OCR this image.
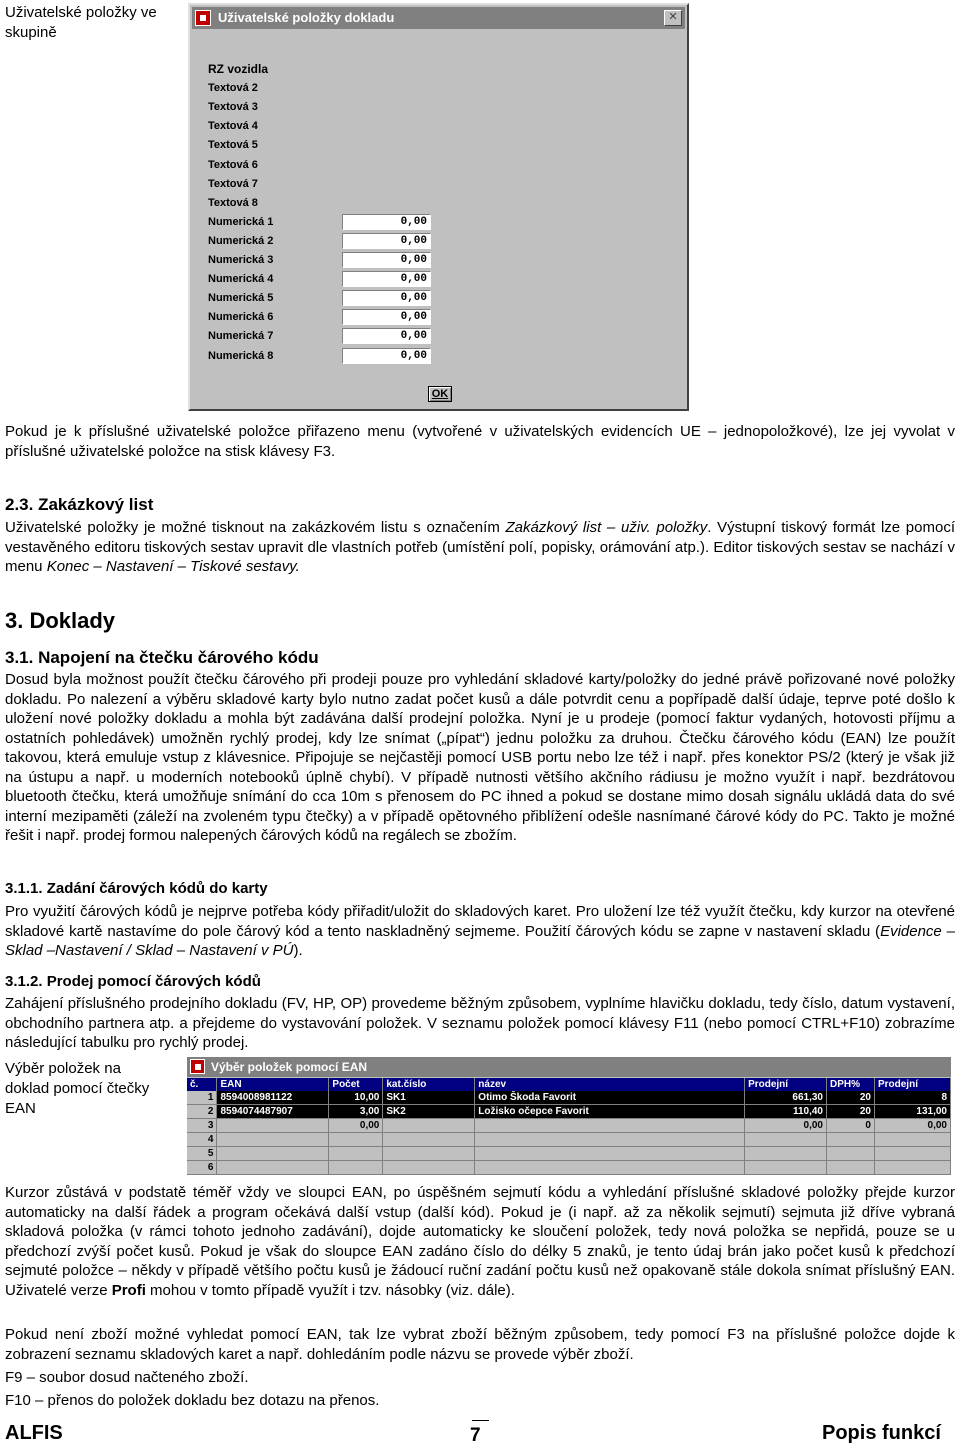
Uživatelské položky ve skupině
Uživatelské položky dokladu	✕
RZ vozidla
Textová 2
Textová 3
Textová 4
Textová 5
Textová 6
Textová 7
Textová 8
Numerická 1	0,00
Numerická 2	0,00
Numerická 3	0,00
Numerická 4	0,00
Numerická 5	0,00
Numerická 6	0,00
Numerická 7	0,00
Numerická 8	0,00
OK
Pokud je k příslušné uživatelské položce přiřazeno menu (vytvořené v uživatelských evidencích UE – jednopoložkové), lze jej vyvolat v příslušné uživatelské položce na stisk klávesy F3.
2.3. Zakázkový list
Uživatelské položky je možné tisknout na zakázkovém listu s označením Zakázkový list – uživ. položky. Výstupní tiskový formát lze pomocí vestavěného editoru tiskových sestav upravit dle vlastních potřeb (umístění polí, popisky, orámování atp.). Editor tiskových sestav se nachází v menu Konec – Nastavení – Tiskové sestavy.
3. Doklady
3.1. Napojení na čtečku čárového kódu
Dosud byla možnost použít čtečku čárového při prodeji pouze pro vyhledání skladové karty/položky do jedné právě pořizované nové položky dokladu. Po nalezení a výběru skladové karty bylo nutno zadat počet kusů a dále potvrdit cenu a popřípadě další údaje, teprve poté došlo k uložení nové položky dokladu a mohla být zadávána další prodejní položka. Nyní je u prodeje (pomocí faktur vydaných, hotovosti příjmu a ostatních pohledávek) umožněn rychlý prodej, kdy lze snímat („pípat“) jednu položku za druhou. Čtečku čárového kódu (EAN) lze použít takovou, která emuluje vstup z klávesnice. Připojuje se nejčastěji pomocí USB portu nebo lze též i např. přes konektor PS/2 (který je však již na ústupu a např. u moderních notebooků úplně chybí). V případě nutnosti většího akčního rádiusu je možno využít i např. bezdrátovou bluetooth čtečku, která umožňuje snímání do cca 10m s přenosem do PC ihned a pokud se dostane mimo dosah signálu ukládá data do své interní mezipaměti (záleží na zvoleném typu čtečky) a v případě opětovného přiblížení odešle nasnímané čárové kódy do PC. Takto je možné řešit i např. prodej formou nalepených čárových kódů na regálech se zbožím.
3.1.1. Zadání čárových kódů do karty
Pro využití čárových kódů je nejprve potřeba kódy přiřadit/uložit do skladových karet. Pro uložení lze též využít čtečku, kdy kurzor na otevřené skladové kartě nastavíme do pole čárový kód a tento naskladněný sejmeme. Použití čárových kódu se zapne v nastavení skladu (Evidence – Sklad –Nastavení / Sklad – Nastavení v PÚ).
3.1.2. Prodej pomocí čárových kódů
Zahájení příslušného prodejního dokladu (FV, HP, OP) provedeme běžným způsobem, vyplníme hlavičku dokladu, tedy číslo, datum vystavení, obchodního partnera atp. a přejdeme do vystavování položek. V seznamu položek pomocí klávesy F11 (nebo pomocí CTRL+F10) zobrazíme následující tabulku pro rychlý prodej.
Výběr položek na doklad pomocí čtečky EAN
Výběr položek pomocí EAN
č.	EAN	Počet	kat.číslo	název	Prodejní	DPH%	Prodejní
1	8594008981122	10,00	SK1	Otimo Škoda Favorit	661,30	20	8
2	8594074487907	3,00	SK2	Ložisko očepce Favorit	110,40	20	131,00
3		0,00			0,00	0	0,00
4							
5							
6							
Kurzor zůstává v podstatě téměř vždy ve sloupci EAN, po úspěšném sejmutí kódu a vyhledání příslušné skladové položky přejde kurzor automaticky na další řádek a program očekává další vstup (další kód). Pokud je (i např. až za několik sejmutí) sejmuta již dříve vybraná skladová položka (v rámci tohoto jednoho zadávání), dojde automaticky ke sloučení položek, tedy nová položka se nepřidá, pouze se u předchozí zvýší počet kusů. Pokud je však do sloupce EAN zadáno číslo do délky 5 znaků, je tento údaj brán jako počet kusů k předchozí sejmuté položce – někdy v případě většího počtu kusů je žádoucí ruční zadání počtu kusů než opakovaně stále dokola snímat příslušný EAN. Uživatelé verze Profi mohou v tomto případě využít i tzv. násobky (viz. dále).
Pokud není zboží možné vyhledat pomocí EAN, tak lze vybrat zboží běžným způsobem, tedy pomocí F3 na příslušné položce dojde k zobrazení seznamu skladových karet a např. dohledáním podle názvu se provede výběr zboží.
F9 – soubor dosud načteného zboží.
F10 – přenos do položek dokladu bez dotazu na přenos.
ALFIS	7	Popis funkcí
